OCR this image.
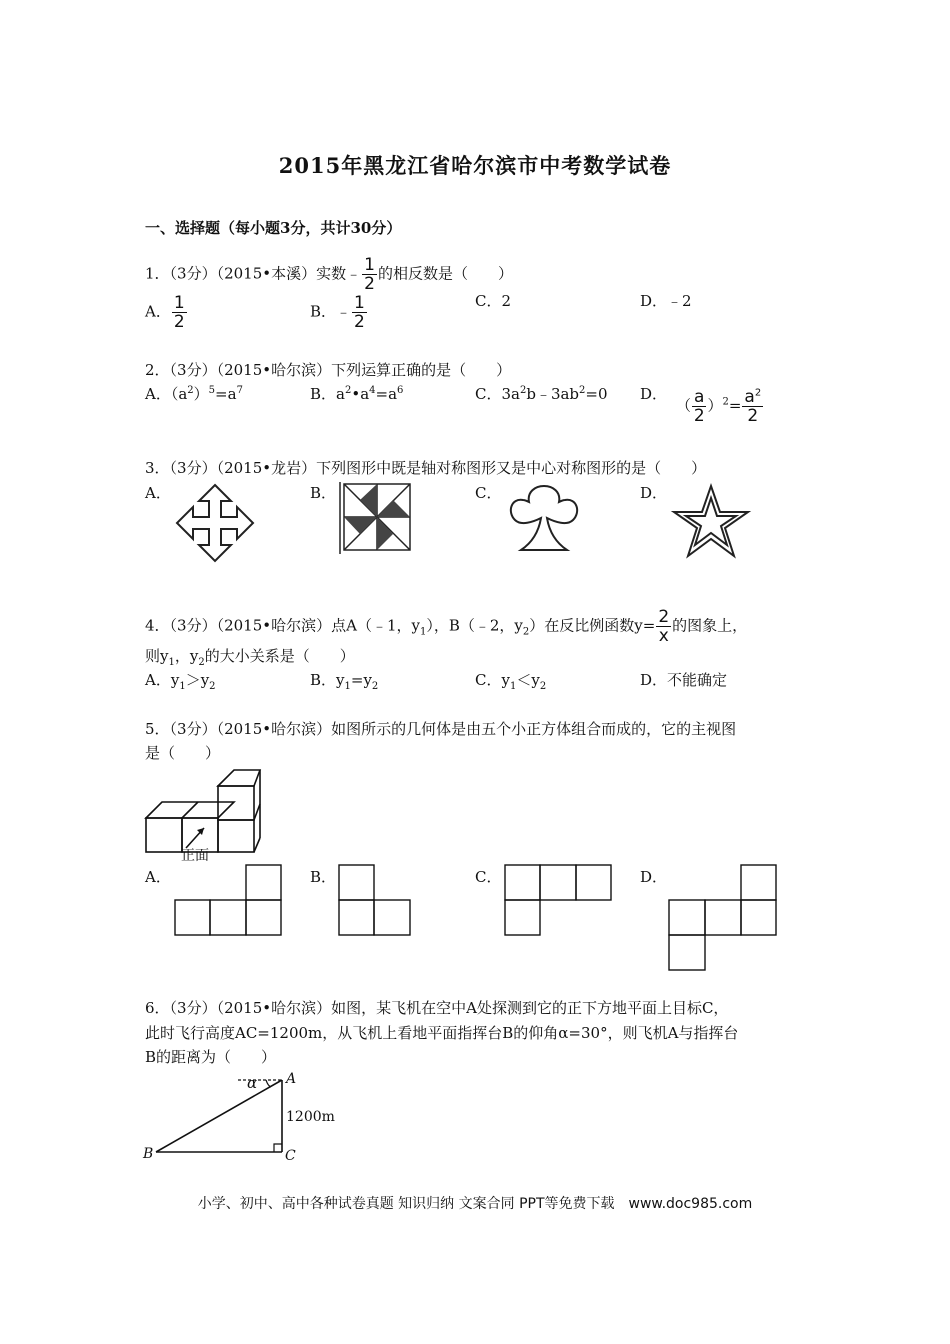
2015年黑龙江省哈尔滨市中考数学试卷
一、选择题（每小题3分，共计30分）
1．（3分）（2015•本溪）实数﹣ $\frac{1}{2}$ 的相反数是（　　）
A． $\frac{1}{2}$	B．﹣ $\frac{1}{2}$	C．2	D．﹣2
2．（3分）（2015•哈尔滨）下列运算正确的是（　　）
A．$(a^2)^5=a^7$	B．$a^2•a^4=a^6$	C．$3a^2b﹣3ab^2=0$ D．
（ $\frac{a}{2} )^2= \frac{a^2}{2}$
3．（3分）（2015•龙岩）下列图形中既是轴对称图形又是中心对称图形的是（　　）
A．	B．	C．	D．
4．（3分）（2015•哈尔滨）点A（﹣1，$y_1$），B（﹣2，$y_2$）在反比例函数$y= \frac{2}{x}$ 的图象上，
则$y_1$，$y_2$的大小关系是（　　）
A．$y_1>y_2$	B．$y_1=y_2$	C．$y_1<y_2$	D．不能确定
5．（3分）（2015•哈尔滨）如图所示的几何体是由五个小正方体组合而成的，它的主视图
是（　　）
正面
A．	B．	C．	D．
6．（3分）（2015•哈尔滨）如图，某飞机在空中A处探测到它的正下方地平面上目标C，
此时飞行高度AC=1200m，从飞机上看地平面指挥台B的仰角α=30°，则飞机A与指挥台
B的距离为（　　）
α A
B	C
1200m
小学、初中、高中各种试卷真题 知识归纳 文案合同 PPT等免费下载　www.doc985.com
